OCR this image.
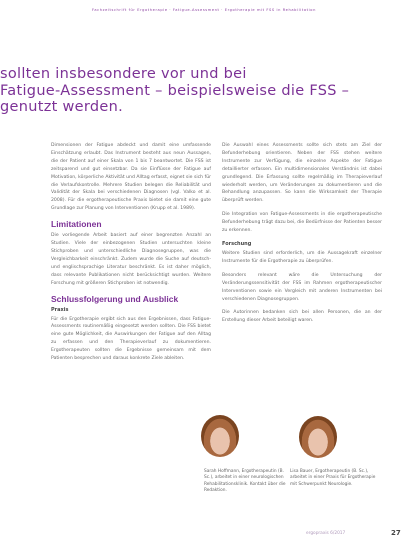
Fachzeitschrift für Ergotherapie · Fatigue-Assessment · Ergotherapie mit FSS in Rehabilitation
sollten insbesondere vor und bei
Fatigue-Assessment – beispielsweise die FSS –
genutzt werden.

Dimensionen der Fatigue abdeckt und damit eine umfassende Einschätzung erlaubt. Das Instrument besteht aus neun Aussagen, die der Patient auf einer Skala von 1 bis 7 beantwortet. Die FSS ist zeitsparend und gut einsetzbar. Da sie Einflüsse der Fatigue auf Motivation, körperliche Aktivität und Alltag erfasst, eignet sie sich für die Verlaufskontrolle. Mehrere Studien belegen die Reliabilität und Validität der Skala bei verschiedenen Diagnosen (vgl. Valko et al. 2008). Für die ergotherapeutische Praxis bietet sie damit eine gute Grundlage zur Planung von Interventionen (Krupp et al. 1989).

Limitationen

Die vorliegende Arbeit basiert auf einer begrenzten Anzahl an Studien. Viele der einbezogenen Studien untersuchten kleine Stichproben und unterschiedliche Diagnosegruppen, was die Vergleichbarkeit einschränkt. Zudem wurde die Suche auf deutsch- und englischsprachige Literatur beschränkt. Es ist daher möglich, dass relevante Publikationen nicht berücksichtigt wurden. Weitere Forschung mit größeren Stichproben ist notwendig.

Schlussfolgerung und Ausblick
Praxis

Für die Ergotherapie ergibt sich aus den Ergebnissen, dass Fatigue-Assessments routinemäßig eingesetzt werden sollten. Die FSS bietet eine gute Möglichkeit, die Auswirkungen der Fatigue auf den Alltag zu erfassen und den Therapieverlauf zu dokumentieren. Ergotherapeuten sollten die Ergebnisse gemeinsam mit dem Patienten besprechen und daraus konkrete Ziele ableiten.

Die Auswahl eines Assessments sollte sich stets am Ziel der Befunderhebung orientieren. Neben der FSS stehen weitere Instrumente zur Verfügung, die einzelne Aspekte der Fatigue detaillierter erfassen. Ein multidimensionales Verständnis ist dabei grundlegend. Die Erfassung sollte regelmäßig im Therapieverlauf wiederholt werden, um Veränderungen zu dokumentieren und die Behandlung anzupassen. So kann die Wirksamkeit der Therapie überprüft werden.

Die Integration von Fatigue-Assessments in die ergotherapeutische Befunderhebung trägt dazu bei, die Bedürfnisse der Patienten besser zu erkennen.

Forschung

Weitere Studien sind erforderlich, um die Aussagekraft einzelner Instrumente für die Ergotherapie zu überprüfen.

Besonders relevant wäre die Untersuchung der Veränderungssensitivität der FSS im Rahmen ergotherapeutischer Interventionen sowie ein Vergleich mit anderen Instrumenten bei verschiedenen Diagnosegruppen.

Die Autorinnen bedanken sich bei allen Personen, die an der Erstellung dieser Arbeit beteiligt waren.

Sarah Hoffmann, Ergotherapeutin (B. Sc.), arbeitet in einer neurologischen Rehabilitationsklinik. Kontakt über die Redaktion.
Lisa Bauer, Ergotherapeutin (B. Sc.), arbeitet in einer Praxis für Ergotherapie mit Schwerpunkt Neurologie.
ergopraxis 6/2017	27
